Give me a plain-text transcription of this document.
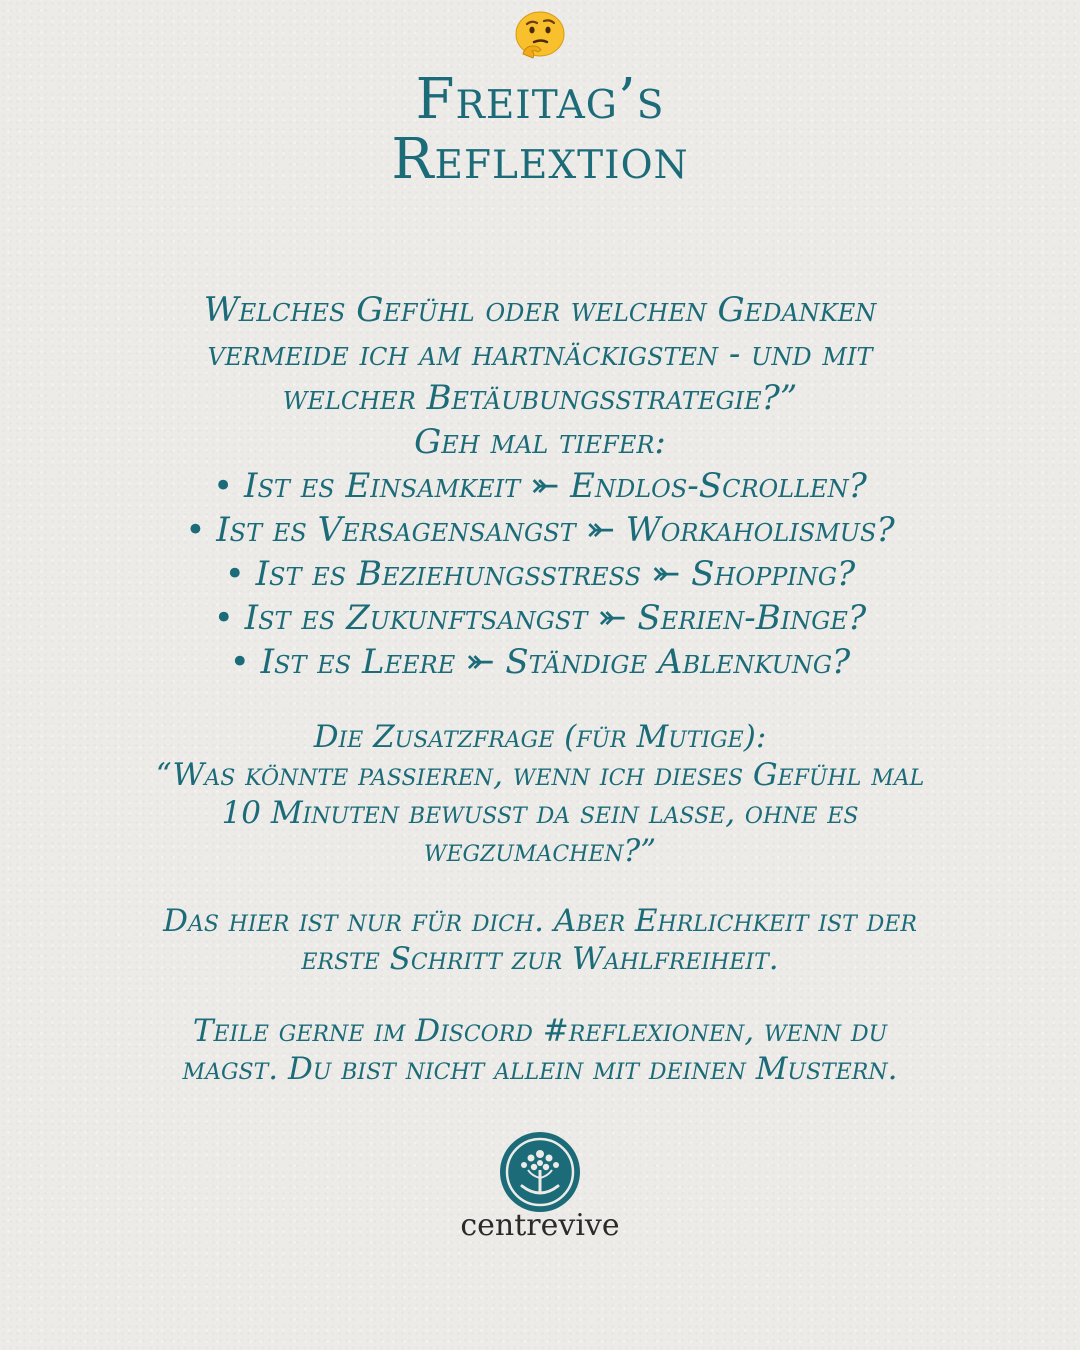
Freitag’s
Reflextion
Welches Gefühl oder welchen Gedanken
vermeide ich am hartnäckigsten - und mit
welcher Betäubungsstrategie?”
Geh mal tiefer:
• Ist es Einsamkeit ⤜ Endlos-Scrollen?
• Ist es Versagensangst ⤜ Workaholismus?
• Ist es Beziehungsstress ⤜ Shopping?
• Ist es Zukunftsangst ⤜ Serien-Binge?
• Ist es Leere ⤜ Ständige Ablenkung?
Die Zusatzfrage (für Mutige):
“Was könnte passieren, wenn ich dieses Gefühl mal
10 Minuten bewusst da sein lasse, ohne es
wegzumachen?”
Das hier ist nur für dich. Aber Ehrlichkeit ist der
erste Schritt zur Wahlfreiheit.
Teile gerne im Discord #reflexionen, wenn du
magst. Du bist nicht allein mit deinen Mustern.
centrevive
